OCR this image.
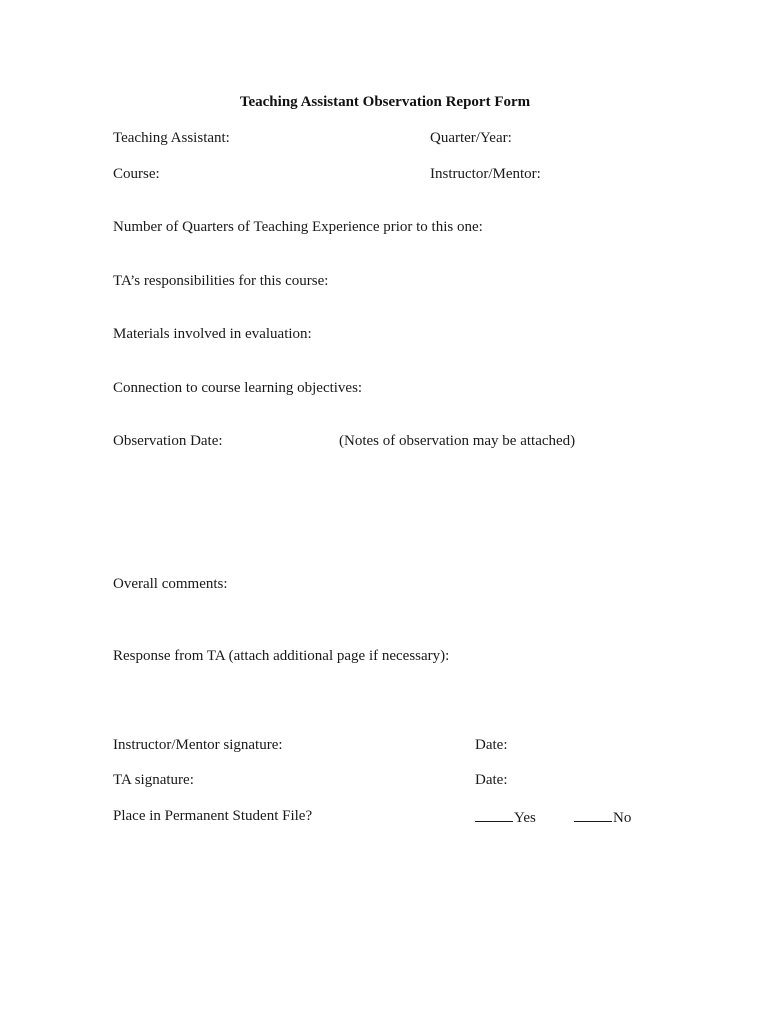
Teaching Assistant Observation Report Form
Teaching Assistant:	Quarter/Year:
Course:	Instructor/Mentor:
Number of Quarters of Teaching Experience prior to this one:
TA’s responsibilities for this course:
Materials involved in evaluation:
Connection to course learning objectives:
Observation Date:	(Notes of observation may be attached)
Overall comments:
Response from TA (attach additional page if necessary):
Instructor/Mentor signature:	Date:
TA signature:	Date:
Place in Permanent Student File?	Yes	No
